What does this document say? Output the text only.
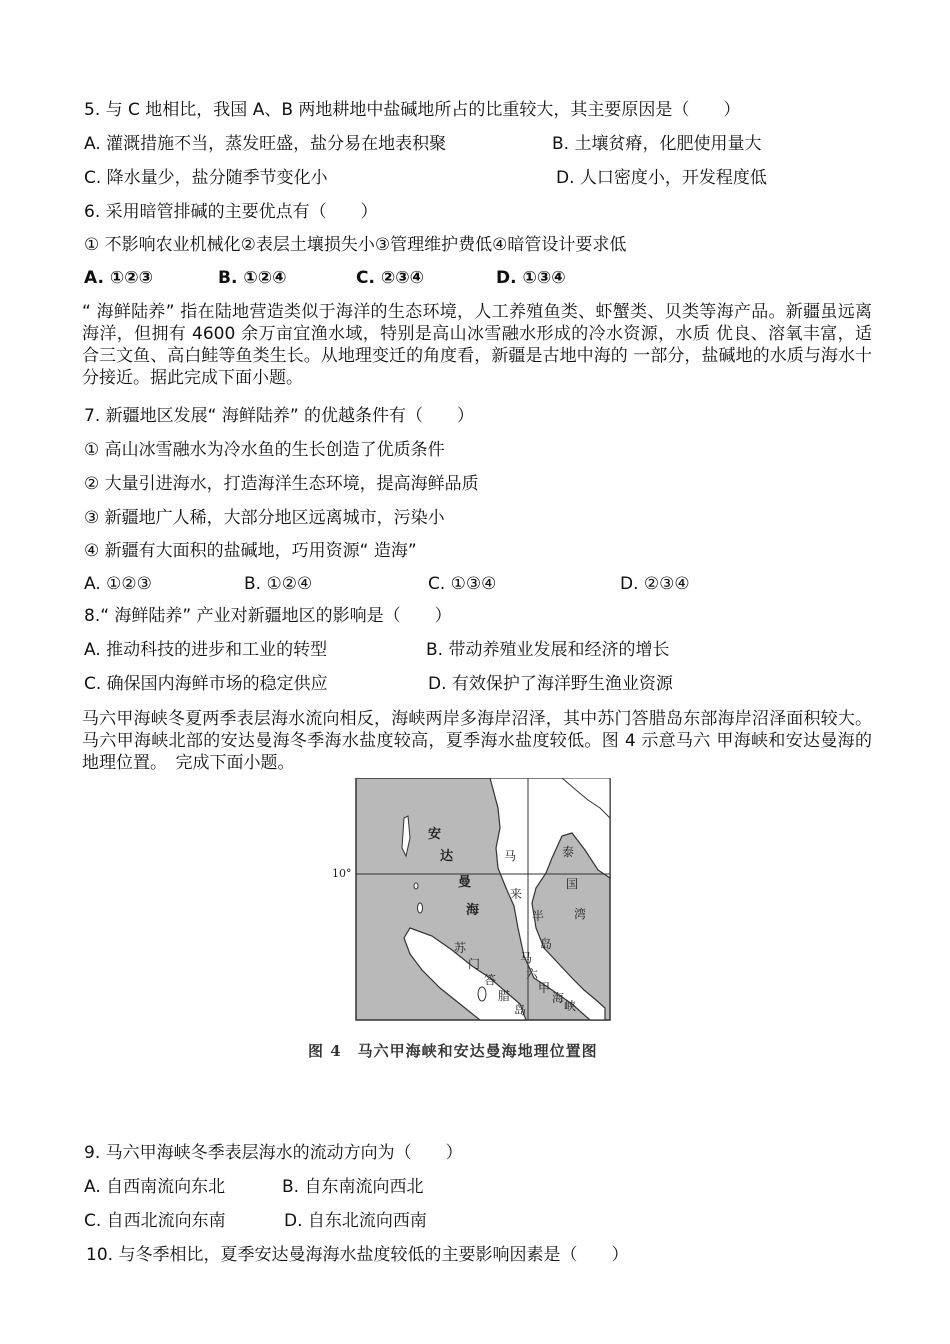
5. 与 C 地相比，我国 A、B 两地耕地中盐碱地所占的比重较大，其主要原因是（　　）
A. 灌溉措施不当，蒸发旺盛，盐分易在地表积聚	B. 土壤贫瘠，化肥使用量大
C. 降水量少，盐分随季节变化小	D. 人口密度小，开发程度低
6. 采用暗管排碱的主要优点有（　　）
① 不影响农业机械化②表层土壤损失小③管理维护费低④暗管设计要求低
A. ①②③	B. ①②④	C. ②③④	D. ①③④
“ 海鲜陆养” 指在陆地营造类似于海洋的生态环境，人工养殖鱼类、虾蟹类、贝类等海产品。新疆虽远离海洋，但拥有 4600 余万亩宜渔水域，特别是高山冰雪融水形成的冷水资源，水质 优良、溶氧丰富，适合三文鱼、高白鲑等鱼类生长。从地理变迁的角度看，新疆是古地中海的 一部分，盐碱地的水质与海水十分接近。据此完成下面小题。
7. 新疆地区发展“ 海鲜陆养” 的优越条件有（　　）
① 高山冰雪融水为冷水鱼的生长创造了优质条件
② 大量引进海水，打造海洋生态环境，提高海鲜品质
③ 新疆地广人稀，大部分地区远离城市，污染小
④ 新疆有大面积的盐碱地，巧用资源“ 造海”
A. ①②③	B. ①②④	C. ①③④	D. ②③④
8.“ 海鲜陆养” 产业对新疆地区的影响是（　　）
A. 推动科技的进步和工业的转型	B. 带动养殖业发展和经济的增长
C. 确保国内海鲜市场的稳定供应	D. 有效保护了海洋野生渔业资源
马六甲海峡冬夏两季表层海水流向相反，海峡两岸多海岸沼泽，其中苏门答腊岛东部海岸沼泽面积较大。马六甲海峡北部的安达曼海冬季海水盐度较高，夏季海水盐度较低。图 4 示意马六 甲海峡和安达曼海的地理位置。　完成下面小题。
10°
安
达
曼
海
马
来
半
岛
泰
国
湾
苏
门
答
腊
岛
马
六
甲
海
峡
图 4　马六甲海峡和安达曼海地理位置图
9. 马六甲海峡冬季表层海水的流动方向为（　　）
A. 自西南流向东北	B. 自东南流向西北
C. 自西北流向东南	D. 自东北流向西南
10. 与冬季相比，夏季安达曼海海水盐度较低的主要影响因素是（　　）
